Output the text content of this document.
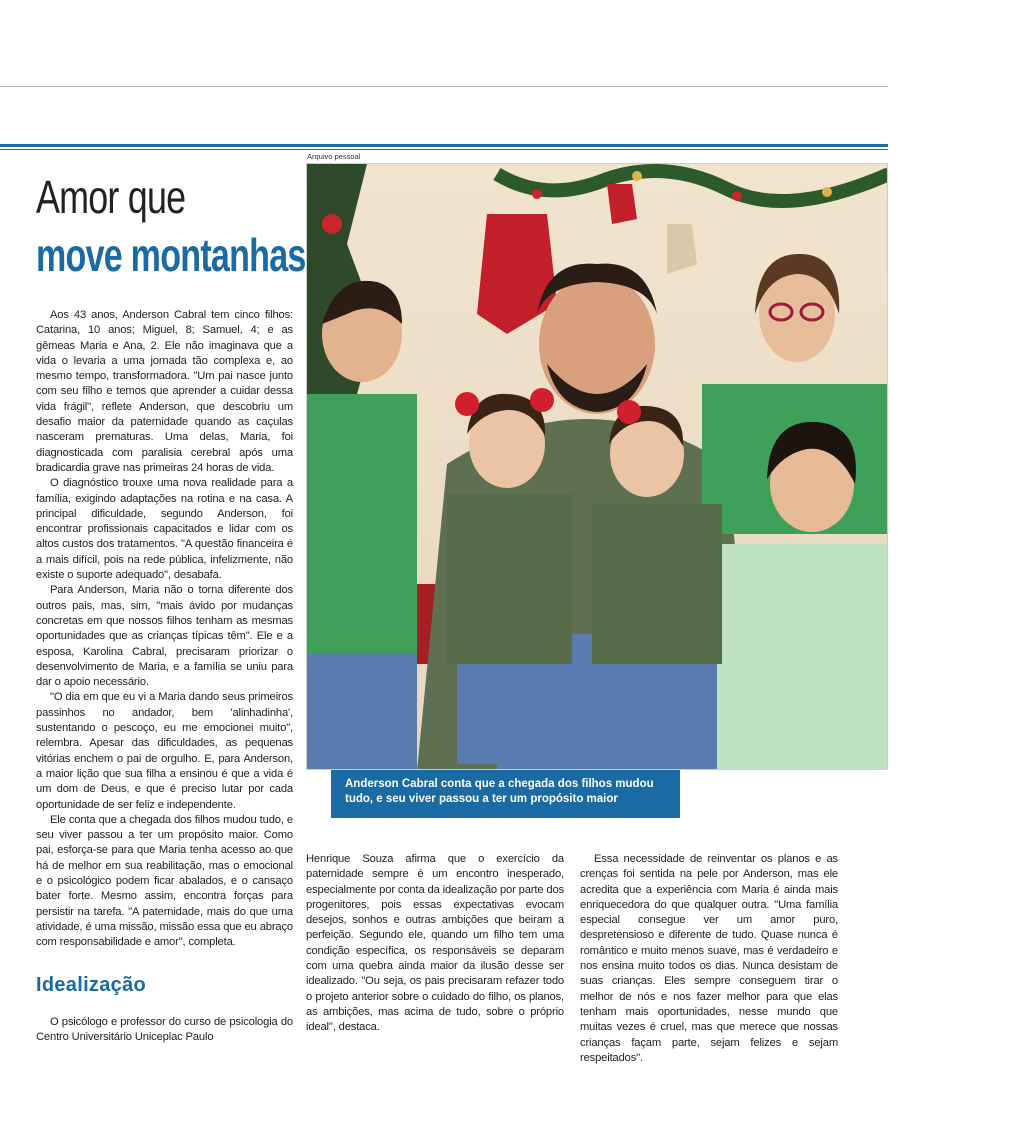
Amor que
move montanhas

Aos 43 anos, Anderson Cabral tem cinco filhos: Catarina, 10 anos; Miguel, 8; Samuel, 4; e as gêmeas Maria e Ana, 2. Ele não imaginava que a vida o levaria a uma jornada tão complexa e, ao mesmo tempo, transformadora. "Um pai nasce junto com seu filho e temos que aprender a cuidar dessa vida frágil", reflete Anderson, que descobriu um desafio maior da paternidade quando as caçulas nasceram prematuras. Uma delas, Maria, foi diagnosticada com paralisia cerebral após uma bradicardia grave nas primeiras 24 horas de vida.

O diagnóstico trouxe uma nova realidade para a família, exigindo adaptações na rotina e na casa. A principal dificuldade, segundo Anderson, foi encontrar profissionais capacitados e lidar com os altos custos dos tratamentos. "A questão financeira é a mais difícil, pois na rede pública, infelizmente, não existe o suporte adequado", desabafa.

Para Anderson, Maria não o torna diferente dos outros pais, mas, sim, "mais ávido por mudanças concretas em que nossos filhos tenham as mesmas oportunidades que as crianças típicas têm". Ele e a esposa, Karolina Cabral, precisaram priorizar o desenvolvimento de Maria, e a família se uniu para dar o apoio necessário.

"O dia em que eu vi a Maria dando seus primeiros passinhos no andador, bem 'alinhadinha', sustentando o pescoço, eu me emocionei muito", relembra. Apesar das dificuldades, as pequenas vitórias enchem o pai de orgulho. E, para Anderson, a maior lição que sua filha a ensinou é que a vida é um dom de Deus, e que é preciso lutar por cada oportunidade de ser feliz e independente.

Ele conta que a chegada dos filhos mudou tudo, e seu viver passou a ter um propósito maior. Como pai, esforça-se para que Maria tenha acesso ao que há de melhor em sua reabilitação, mas o emocional e o psicológico podem ficar abalados, e o cansaço bater forte. Mesmo assim, encontra forças para persistir na tarefa. "A paternidade, mais do que uma atividade, é uma missão, missão essa que eu abraço com responsabilidade e amor", completa.

Idealização

O psicólogo e professor do curso de psicologia do Centro Universitário Uniceplac Paulo

Arquivo pessoal
Anderson Cabral conta que a chegada dos filhos mudou tudo, e seu viver passou a ter um propósito maior

Henrique Souza afirma que o exercício da paternidade sempre é um encontro inesperado, especialmente por conta da idealização por parte dos progenitores, pois essas expectativas evocam desejos, sonhos e outras ambições que beiram a perfeição. Segundo ele, quando um filho tem uma condição específica, os responsáveis se deparam com uma quebra ainda maior da ilusão desse ser idealizado. "Ou seja, os pais precisaram refazer todo o projeto anterior sobre o cuidado do filho, os planos, as ambições, mas acima de tudo, sobre o próprio ideal", destaca.

Essa necessidade de reinventar os planos e as crenças foi sentida na pele por Anderson, mas ele acredita que a experiência com Maria é ainda mais enriquecedora do que qualquer outra. "Uma família especial consegue ver um amor puro, despretensioso e diferente de tudo. Quase nunca é romântico e muito menos suave, mas é verdadeiro e nos ensina muito todos os dias. Nunca desistam de suas crianças. Eles sempre conseguem tirar o melhor de nós e nos fazer melhor para que elas tenham mais oportunidades, nesse mundo que muitas vezes é cruel, mas que merece que nossas crianças façam parte, sejam felizes e sejam respeitados".
